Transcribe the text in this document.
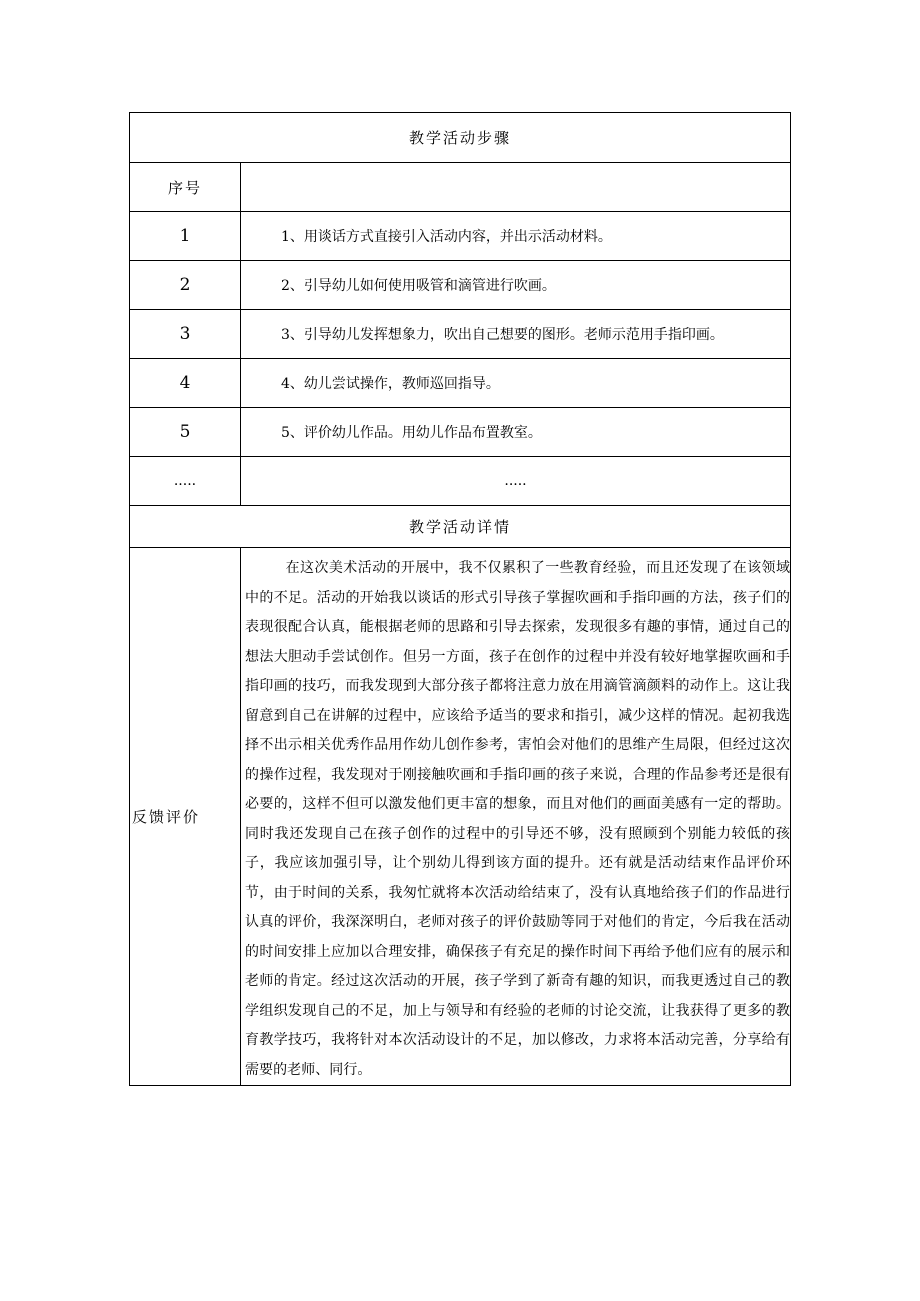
教学活动步骤	
序号	
1	1、用谈话方式直接引入活动内容，并出示活动材料。
2	2、引导幼儿如何使用吸管和滴管进行吹画。
3	3、引导幼儿发挥想象力，吹出自己想要的图形。老师示范用手指印画。
4	4、幼儿尝试操作，教师巡回指导。
5	5、评价幼儿作品。用幼儿作品布置教室。
.....	.....
教学活动详情	
反馈评价	在这次美术活动的开展中，我不仅累积了一些教育经验，而且还发现了在该领域中的不足。活动的开始我以谈话的形式引导孩子掌握吹画和手指印画的方法，孩子们的表现很配合认真，能根据老师的思路和引导去探索，发现很多有趣的事情，通过自己的想法大胆动手尝试创作。但另一方面，孩子在创作的过程中并没有较好地掌握吹画和手指印画的技巧，而我发现到大部分孩子都将注意力放在用滴管滴颜料的动作上。这让我留意到自己在讲解的过程中，应该给予适当的要求和指引，减少这样的情况。起初我选择不出示相关优秀作品用作幼儿创作参考，害怕会对他们的思维产生局限，但经过这次的操作过程，我发现对于刚接触吹画和手指印画的孩子来说，合理的作品参考还是很有必要的，这样不但可以激发他们更丰富的想象，而且对他们的画面美感有一定的帮助。同时我还发现自己在孩子创作的过程中的引导还不够，没有照顾到个别能力较低的孩子，我应该加强引导，让个别幼儿得到该方面的提升。还有就是活动结束作品评价环节，由于时间的关系，我匆忙就将本次活动给结束了，没有认真地给孩子们的作品进行认真的评价，我深深明白，老师对孩子的评价鼓励等同于对他们的肯定，今后我在活动的时间安排上应加以合理安排，确保孩子有充足的操作时间下再给予他们应有的展示和老师的肯定。经过这次活动的开展，孩子学到了新奇有趣的知识，而我更透过自己的教学组织发现自己的不足，加上与领导和有经验的老师的讨论交流，让我获得了更多的教育教学技巧，我将针对本次活动设计的不足，加以修改，力求将本活动完善，分享给有需要的老师、同行。
